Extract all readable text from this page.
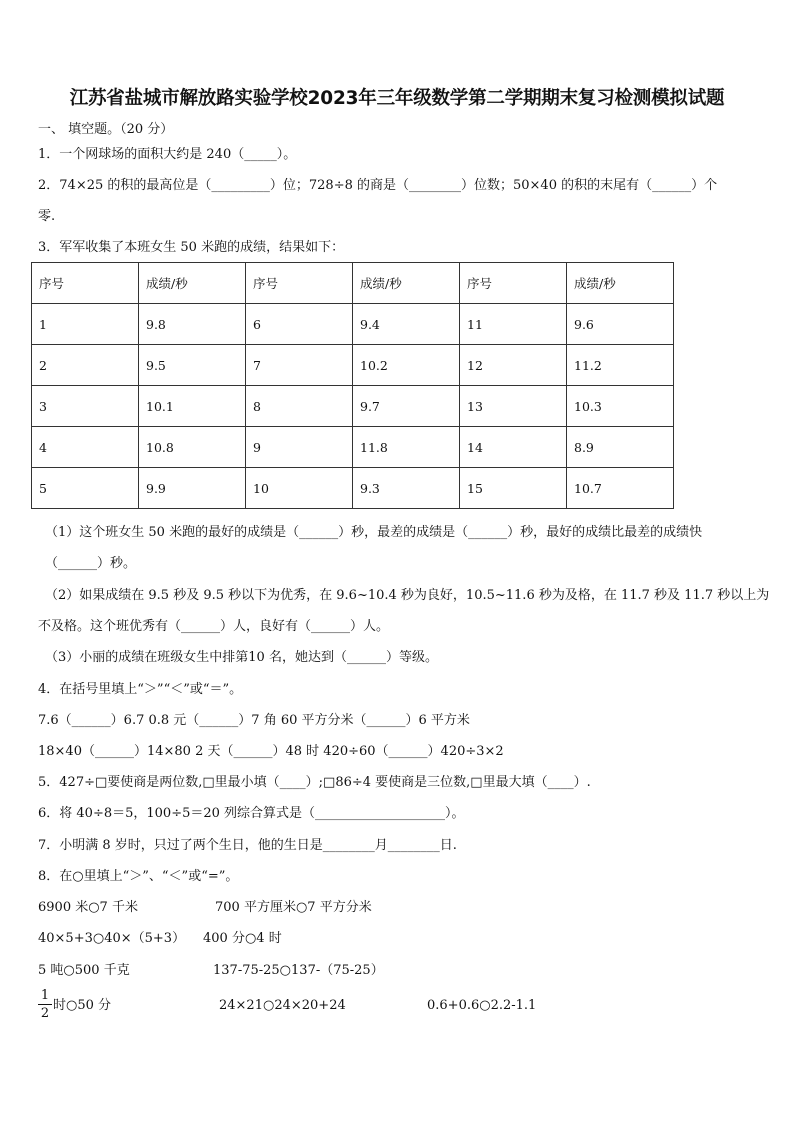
江苏省盐城市解放路实验学校2023年三年级数学第二学期期末复习检测模拟试题
一、 填空题。（20 分）
1．一个网球场的面积大约是 240（_____）。
2．74×25 的积的最高位是（_________）位；728÷8 的商是（________）位数；50×40 的积的末尾有（______）个
零.
3．军军收集了本班女生 50 米跑的成绩，结果如下：
序号	成绩/秒	序号	成绩/秒	序号	成绩/秒
1	9.8	6	9.4	11	9.6
2	9.5	7	10.2	12	11.2
3	10.1	8	9.7	13	10.3
4	10.8	9	11.8	14	8.9
5	9.9	10	9.3	15	10.7
（1）这个班女生 50 米跑的最好的成绩是（______）秒，最差的成绩是（______）秒，最好的成绩比最差的成绩快
（______）秒。
（2）如果成绩在 9.5 秒及 9.5 秒以下为优秀，在 9.6~10.4 秒为良好，10.5~11.6 秒为及格，在 11.7 秒及 11.7 秒以上为
不及格。这个班优秀有（______）人，良好有（______）人。
（3）小丽的成绩在班级女生中排第10 名，她达到（______）等级。
4．在括号里填上“＞”“＜”或“＝”。
7.6（______）6.7 0.8 元（______）7 角 60 平方分米（______）6 平方米
18×40（______）14×80 2 天（______）48 时 420÷60（______）420÷3×2
5．427÷□要使商是两位数,□里最小填（____）;□86÷4 要使商是三位数,□里最大填（____）.
6．将 40÷8＝5，100÷5＝20 列综合算式是（____________________）。
7．小明满 8 岁时，只过了两个生日，他的生日是________月________日.
8．在○里填上“＞”、“＜”或“=”。
6900 米○7 千米	700 平方厘米○7 平方分米
40×5+3○40×（5+3） 400 分○4 时
5 吨○500 千克	137-75-25○137-（75-25）
1
2
时○50 分	24×21○24×20+24	0.6+0.6○2.2-1.1
